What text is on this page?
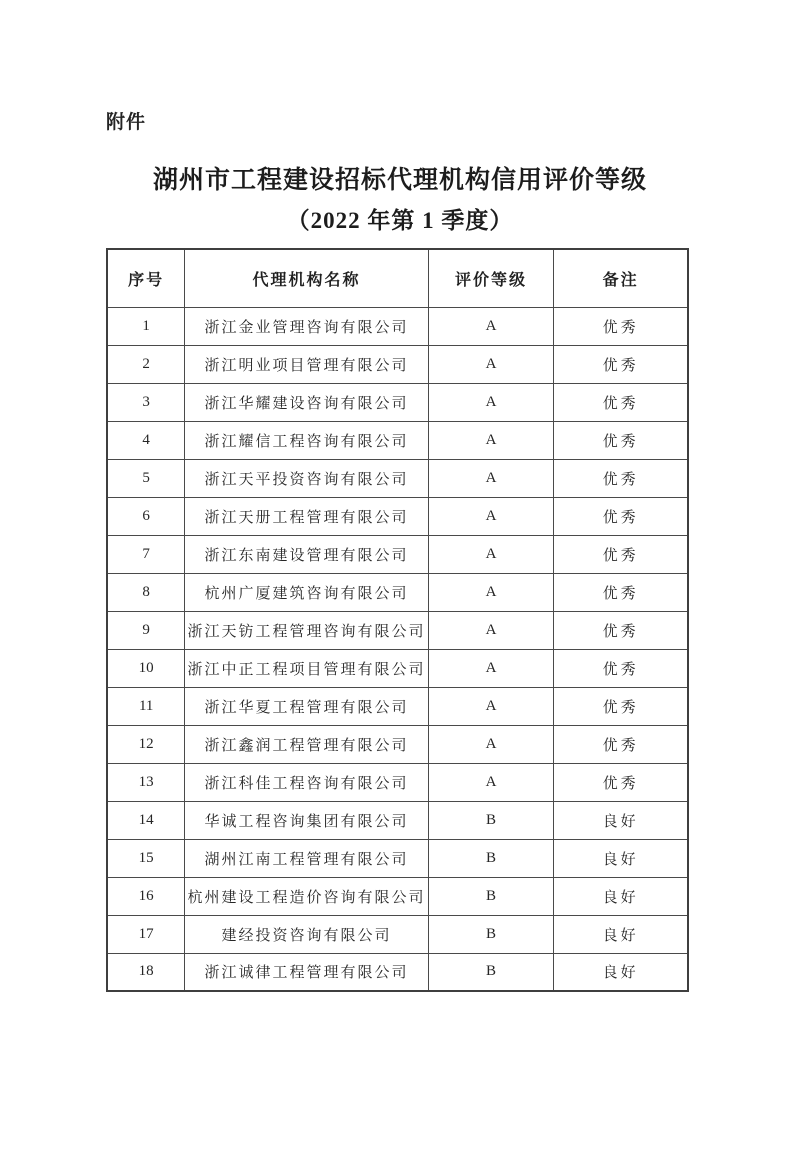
附件
湖州市工程建设招标代理机构信用评价等级
（2022 年第 1 季度）
序号	代理机构名称	评价等级	备注
1	浙江金业管理咨询有限公司	A	优秀
2	浙江明业项目管理有限公司	A	优秀
3	浙江华耀建设咨询有限公司	A	优秀
4	浙江耀信工程咨询有限公司	A	优秀
5	浙江天平投资咨询有限公司	A	优秀
6	浙江天册工程管理有限公司	A	优秀
7	浙江东南建设管理有限公司	A	优秀
8	杭州广厦建筑咨询有限公司	A	优秀
9	浙江天钫工程管理咨询有限公司	A	优秀
10	浙江中正工程项目管理有限公司	A	优秀
11	浙江华夏工程管理有限公司	A	优秀
12	浙江鑫润工程管理有限公司	A	优秀
13	浙江科佳工程咨询有限公司	A	优秀
14	华诚工程咨询集团有限公司	B	良好
15	湖州江南工程管理有限公司	B	良好
16	杭州建设工程造价咨询有限公司	B	良好
17	建经投资咨询有限公司	B	良好
18	浙江诚律工程管理有限公司	B	良好
